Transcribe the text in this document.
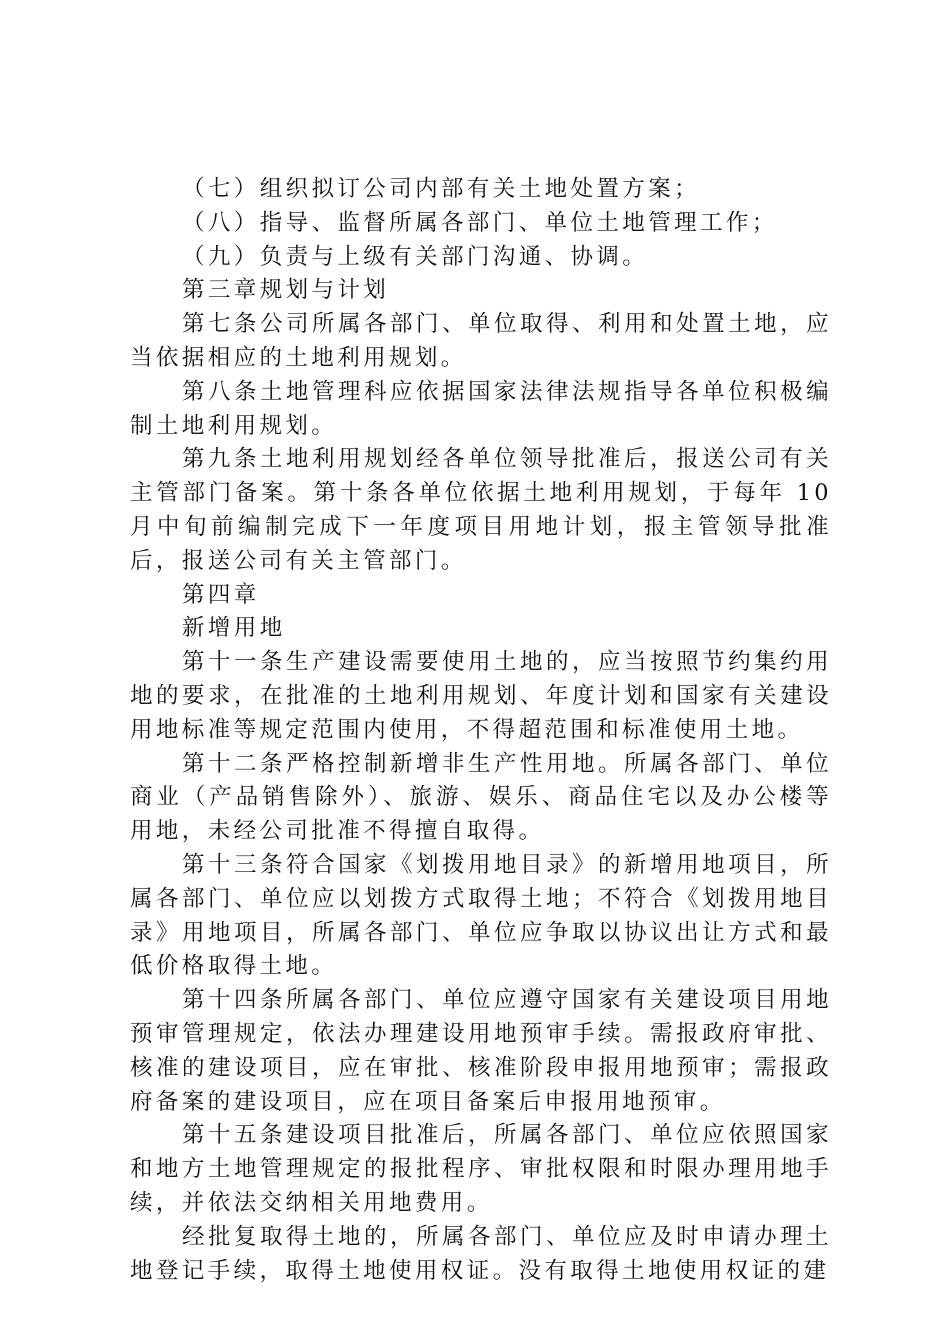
（七）组织拟订公司内部有关土地处置方案；

（八）指导、监督所属各部门、单位土地管理工作；

（九）负责与上级有关部门沟通、协调。

第三章规划与计划

第七条公司所属各部门、单位取得、利用和处置土地，应当依据相应的土地利用规划。

第八条土地管理科应依据国家法律法规指导各单位积极编制土地利用规划。

第九条土地利用规划经各单位领导批准后，报送公司有关主管部门备案。第十条各单位依据土地利用规划，于每年 10 月中旬前编制完成下一年度项目用地计划，报主管领导批准后，报送公司有关主管部门。

第四章

新增用地

第十一条生产建设需要使用土地的，应当按照节约集约用地的要求，在批准的土地利用规划、年度计划和国家有关建设用地标准等规定范围内使用，不得超范围和标准使用土地。

第十二条严格控制新增非生产性用地。所属各部门、单位商业（产品销售除外）、旅游、娱乐、商品住宅以及办公楼等用地，未经公司批准不得擅自取得。

第十三条符合国家《划拨用地目录》的新增用地项目，所属各部门、单位应以划拨方式取得土地；不符合《划拨用地目录》用地项目，所属各部门、单位应争取以协议出让方式和最低价格取得土地。

第十四条所属各部门、单位应遵守国家有关建设项目用地预审管理规定，依法办理建设用地预审手续。需报政府审批、核准的建设项目，应在审批、核准阶段申报用地预审；需报政府备案的建设项目，应在项目备案后申报用地预审。

第十五条建设项目批准后，所属各部门、单位应依照国家和地方土地管理规定的报批程序、审批权限和时限办理用地手续，并依法交纳相关用地费用。

经批复取得土地的，所属各部门、单位应及时申请办理土地登记手续，取得土地使用权证。没有取得土地使用权证的建
